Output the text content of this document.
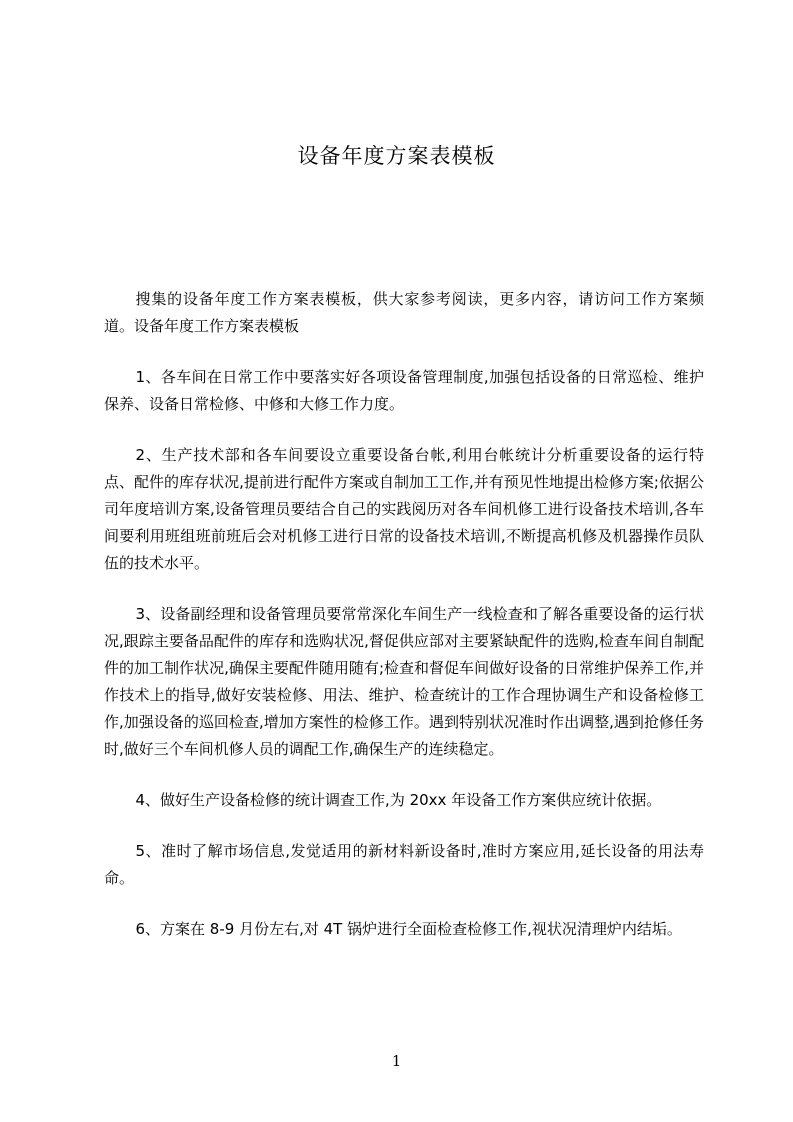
设备年度方案表模板

搜集的设备年度工作方案表模板，供大家参考阅读，更多内容，请访问工作方案频道。设备年度工作方案表模板

1、各车间在日常工作中要落实好各项设备管理制度,加强包括设备的日常巡检、维护保养、设备日常检修、中修和大修工作力度。

2、生产技术部和各车间要设立重要设备台帐,利用台帐统计分析重要设备的运行特点、配件的库存状况,提前进行配件方案或自制加工工作,并有预见性地提出检修方案;依据公司年度培训方案,设备管理员要结合自己的实践阅历对各车间机修工进行设备技术培训,各车间要利用班组班前班后会对机修工进行日常的设备技术培训,不断提高机修及机器操作员队伍的技术水平。

3、设备副经理和设备管理员要常常深化车间生产一线检查和了解各重要设备的运行状况,跟踪主要备品配件的库存和选购状况,督促供应部对主要紧缺配件的选购,检查车间自制配件的加工制作状况,确保主要配件随用随有;检查和督促车间做好设备的日常维护保养工作,并作技术上的指导,做好安装检修、用法、维护、检查统计的工作合理协调生产和设备检修工作,加强设备的巡回检查,增加方案性的检修工作。遇到特别状况准时作出调整,遇到抢修任务时,做好三个车间机修人员的调配工作,确保生产的连续稳定。

4、做好生产设备检修的统计调查工作,为 20xx 年设备工作方案供应统计依据。

5、准时了解市场信息,发觉适用的新材料新设备时,准时方案应用,延长设备的用法寿命。

6、方案在 8-9 月份左右,对 4T 锅炉进行全面检查检修工作,视状况清理炉内结垢。

1
